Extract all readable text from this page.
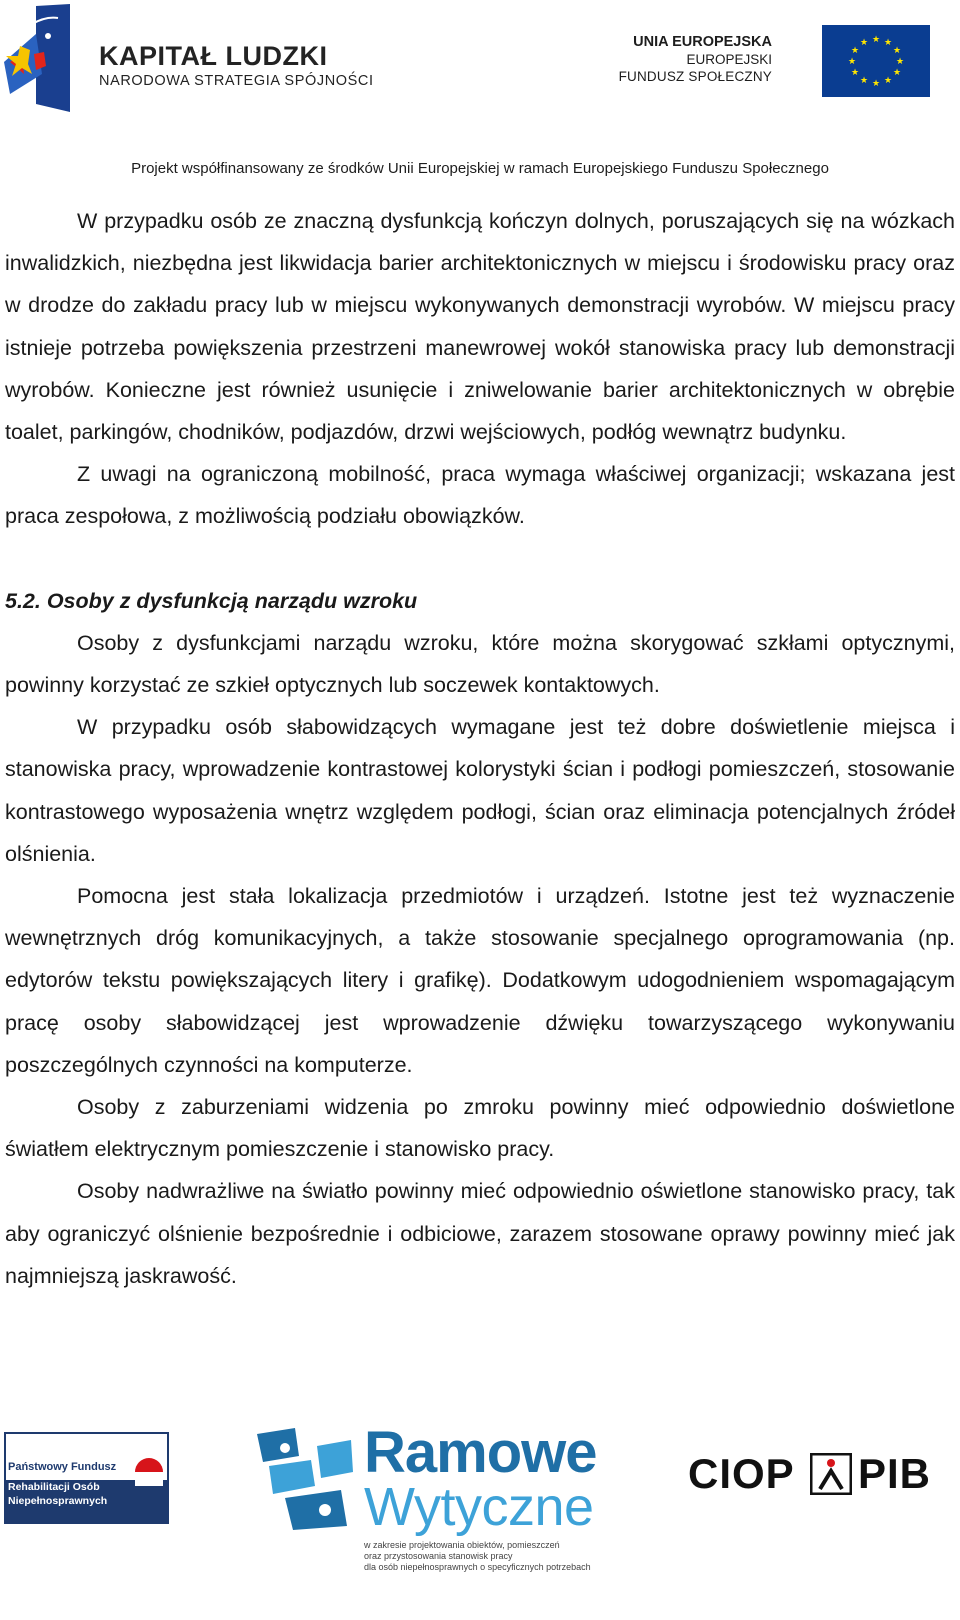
KAPITAŁ LUDZKI
NARODOWA STRATEGIA SPÓJNOŚCI
UNIA EUROPEJSKA
EUROPEJSKI
FUNDUSZ SPOŁECZNY
★ ★
★
★
★
★
★
★
★
★
★
★
Projekt współfinansowany ze środków Unii Europejskiej w ramach Europejskiego Funduszu Społecznego

W przypadku osób ze znaczną dysfunkcją kończyn dolnych, poruszających się na wózkach inwalidzkich, niezbędna jest likwidacja barier architektonicznych w miejscu i środowisku pracy oraz w drodze do zakładu pracy lub w miejscu wykonywanych demonstracji wyrobów. W miejscu pracy istnieje potrzeba powiększenia przestrzeni manewrowej wokół stanowiska pracy lub demonstracji wyrobów. Konieczne jest również usunięcie i zniwelowanie barier architektonicznych w obrębie toalet, parkingów, chodników, podjazdów, drzwi wejściowych, podłóg wewnątrz budynku.

Z uwagi na ograniczoną mobilność, praca wymaga właściwej organizacji; wskazana jest praca zespołowa, z możliwością podziału obowiązków.

5.2. Osoby z dysfunkcją narządu wzroku

Osoby z dysfunkcjami narządu wzroku, które można skorygować szkłami optycznymi, powinny korzystać ze szkieł optycznych lub soczewek kontaktowych.

W przypadku osób słabowidzących wymagane jest też dobre doświetlenie miejsca i stanowiska pracy, wprowadzenie kontrastowej kolorystyki ścian i podłogi pomieszczeń, stosowanie kontrastowego wyposażenia wnętrz względem podłogi, ścian oraz eliminacja potencjalnych źródeł olśnienia.

Pomocna jest stała lokalizacja przedmiotów i urządzeń. Istotne jest też wyznaczenie wewnętrznych dróg komunikacyjnych, a także stosowanie specjalnego oprogramowania (np. edytorów tekstu powiększających litery i grafikę). Dodatkowym udogodnieniem wspomagającym pracę osoby słabowidzącej jest wprowadzenie dźwięku towarzyszącego wykonywaniu poszczególnych czynności na komputerze.

Osoby z zaburzeniami widzenia po zmroku powinny mieć odpowiednio doświetlone światłem elektrycznym pomieszczenie i stanowisko pracy.

Osoby nadwrażliwe na światło powinny mieć odpowiednio oświetlone stanowisko pracy, tak aby ograniczyć olśnienie bezpośrednie i odbiciowe, zarazem stosowane oprawy powinny mieć jak najmniejszą jaskrawość.

Państwowy Fundusz
Rehabilitacji Osób
Niepełnosprawnych
Ramowe
Wytyczne
w zakresie projektowania obiektów, pomieszczeń
oraz przystosowania stanowisk pracy
dla osób niepełnosprawnych o specyficznych potrzebach
CIOP PIB
